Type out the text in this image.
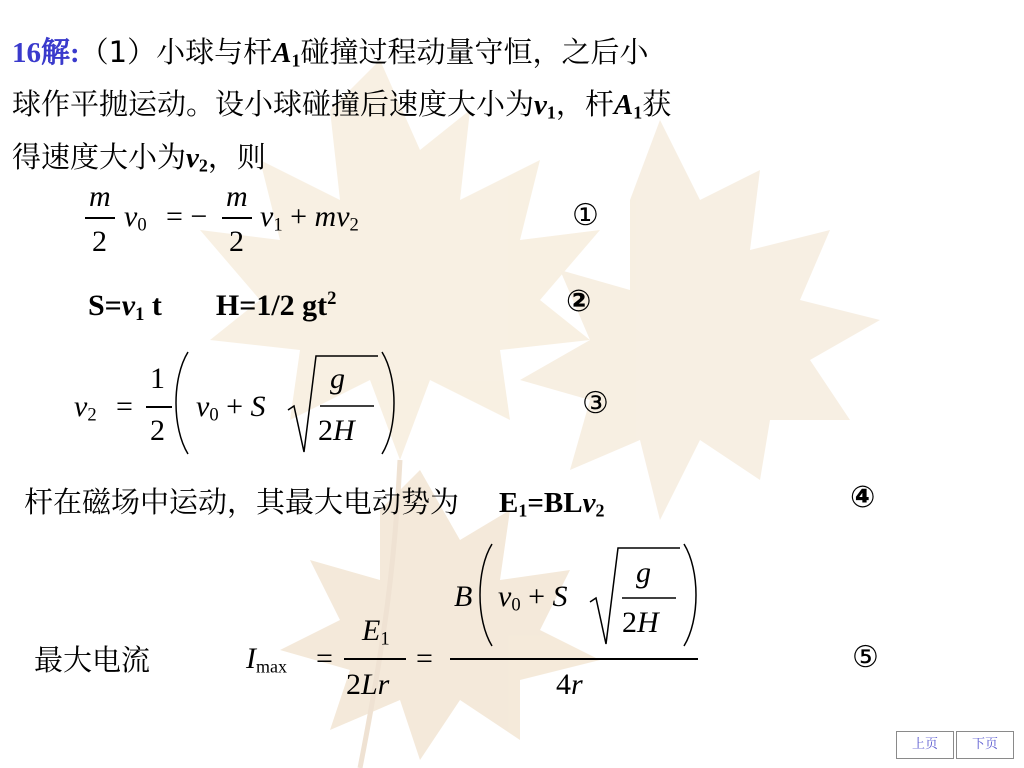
16解:（1）小球与杆$A_1$碰撞过程动量守恒，之后小
球作平抛运动。设小球碰撞后速度大小为$v_1$，杆$A_1$获
得速度大小为$v_2$，则
m
2
$v_0$ = −
m
2
$v_1 + mv_2$	①
$S=v_1$ t H=1/2 $gt^2$	②
$v_2$ =
1
2
$v_0 + S$
g
2H
③
杆在磁场中运动，其最大电动势为 $E_1=BLv_2$	④
最大电流	$I_{max}$ =
$E_1$
2Lr
=
B $v_0 + S$
g
2H
4r
⑤
上页	下页
